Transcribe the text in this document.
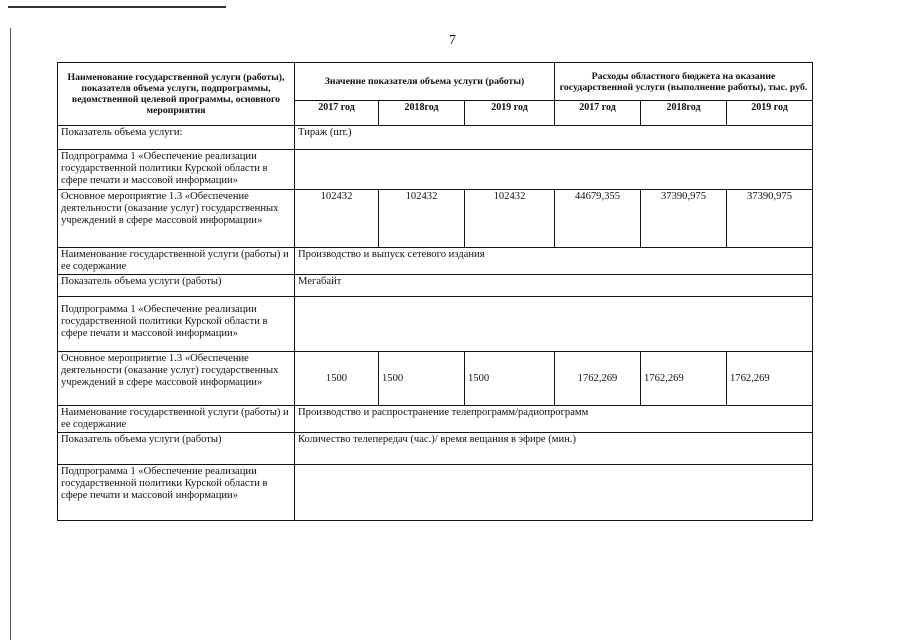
7
Наименование государственной услуги (работы), показателя объема услуги, подпрограммы, ведомственной целевой программы, основного мероприятия	Значение показателя объема услуги (работы)			Расходы областного бюджета на оказание государственной услуги (выполнение работы), тыс. руб.		
	2017 год	2018год	2019 год	2017 год	2018год	2019 год
Показатель объема услуги:	Тираж (шт.)					
Подпрограмма 1 «Обеспечение реализации государственной политики Курской области в сфере печати и массовой информации»						
Основное мероприятие 1.3 «Обеспечение деятельности (оказание услуг) государственных учреждений в сфере массовой информации»	102432	102432	102432	44679,355	37390,975	37390,975
Наименование государственной услуги (работы) и ее содержание	Производство и выпуск сетевого издания					
Показатель объема услуги (работы)	Мегабайт					
Подпрограмма 1 «Обеспечение реализации государственной политики Курской области в сфере печати и массовой информации»						
Основное мероприятие 1.3 «Обеспечение деятельности (оказание услуг) государственных учреждений в сфере массовой информации»	1500	1500	1500	1762,269	1762,269	1762,269
Наименование государственной услуги (работы) и ее содержание	Производство и распространение телепрограмм/радиопрограмм					
Показатель объема услуги (работы)	Количество телепередач (час.)/ время вещания в эфире (мин.)					
Подпрограмма 1 «Обеспечение реализации государственной политики Курской области в сфере печати и массовой информации»						
